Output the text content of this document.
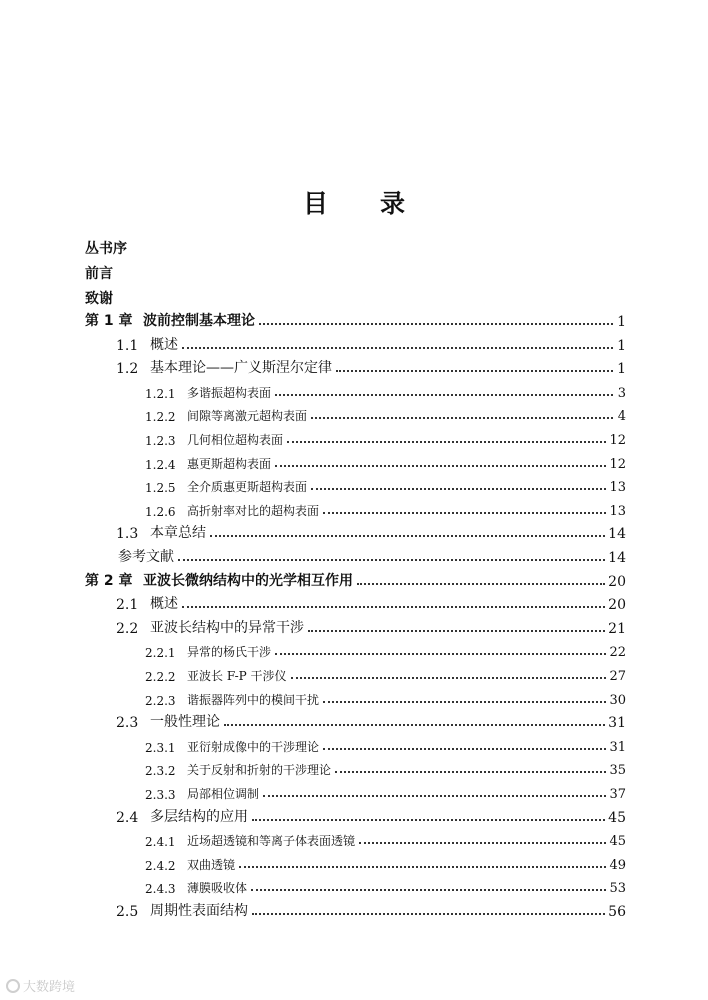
目 录
丛书序
前言
致谢
第 1 章 波前控制基本理论	1
1.1 概述	1
1.2 基本理论——广义斯涅尔定律	1
1.2.1 多谐振超构表面	3
1.2.2 间隙等离激元超构表面	4
1.2.3 几何相位超构表面	12
1.2.4 惠更斯超构表面	12
1.2.5 全介质惠更斯超构表面	13
1.2.6 高折射率对比的超构表面	13
1.3 本章总结	14
参考文献	14
第 2 章 亚波长微纳结构中的光学相互作用	20
2.1 概述	20
2.2 亚波长结构中的异常干涉	21
2.2.1 异常的杨氏干涉	22
2.2.2 亚波长 F-P 干涉仪	27
2.2.3 谐振器阵列中的模间干扰	30
2.3 一般性理论	31
2.3.1 亚衍射成像中的干涉理论	31
2.3.2 关于反射和折射的干涉理论	35
2.3.3 局部相位调制	37
2.4 多层结构的应用	45
2.4.1 近场超透镜和等离子体表面透镜	45
2.4.2 双曲透镜	49
2.4.3 薄膜吸收体	53
2.5 周期性表面结构	56
大数跨境
